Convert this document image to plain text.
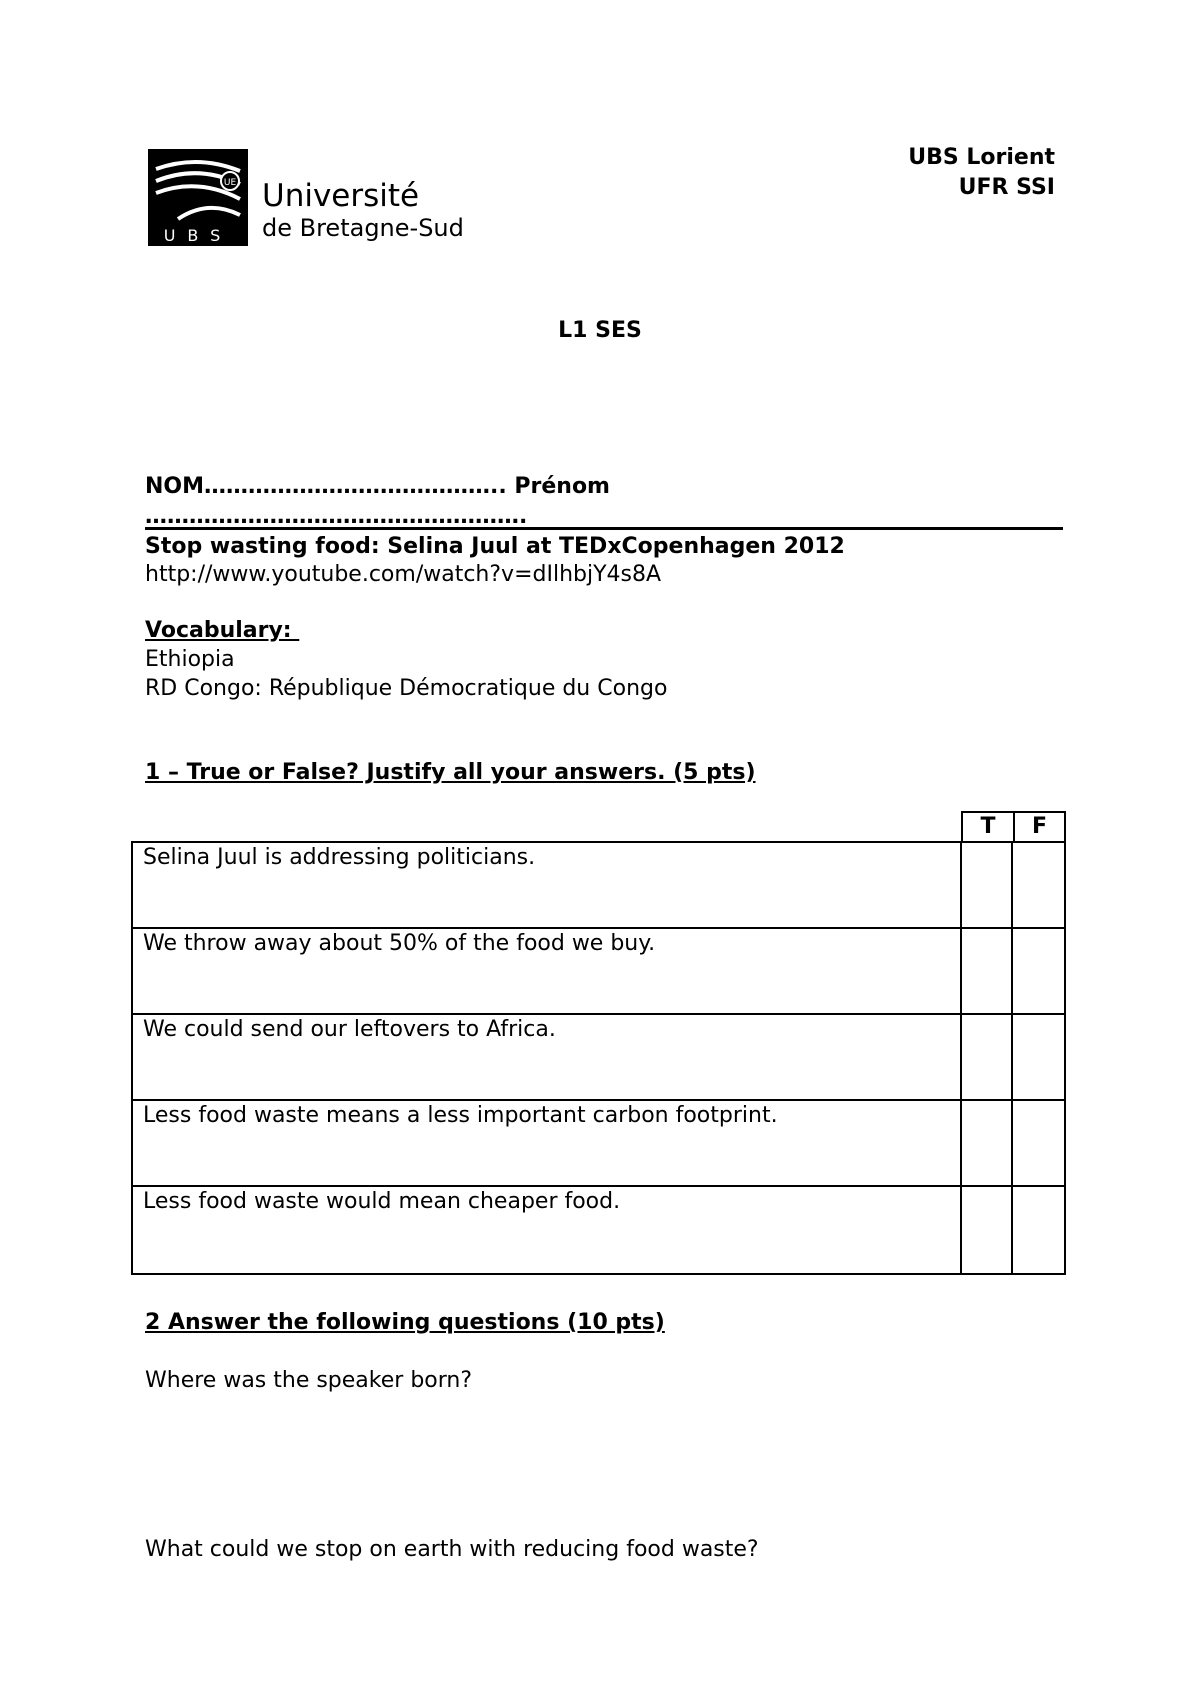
UBS
UE Université
de Bretagne-Sud
UBS Lorient
UFR SSI
L1 SES
NOM………………………………….. Prénom
…………………………………………….
Stop wasting food: Selina Juul at TEDxCopenhagen 2012
http://www.youtube.com/watch?v=dIlhbjY4s8A
Vocabulary:
Ethiopia
RD Congo: République Démocratique du Congo
1 – True or False? Justify all your answers. (5 pts)
T	F
Selina Juul is addressing politicians.
We throw away about 50% of the food we buy.
We could send our leftovers to Africa.
Less food waste means a less important carbon footprint.
Less food waste would mean cheaper food.
2 Answer the following questions (10 pts)
Where was the speaker born?
What could we stop on earth with reducing food waste?
